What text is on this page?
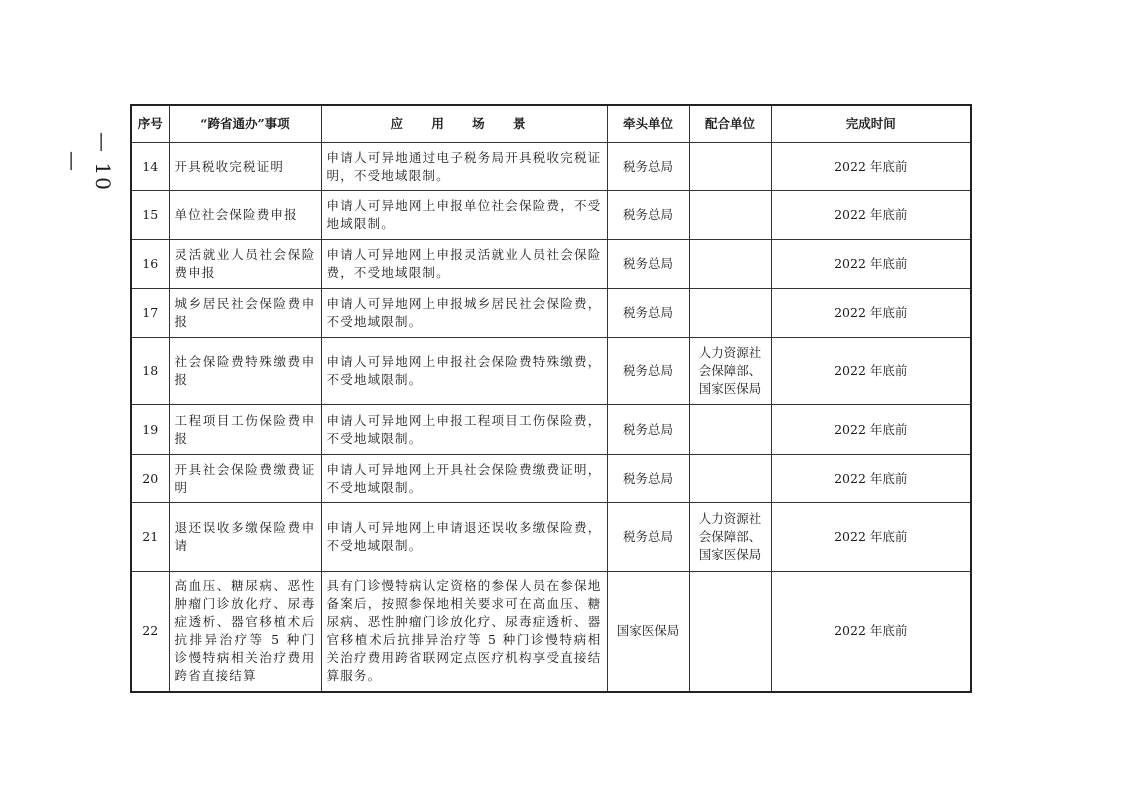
— 10 —
序号	“跨省通办”事项	应 用 场 景	牵头单位	配合单位	完成时间
14	开具税收完税证明	申请人可异地通过电子税务局开具税收完税证明，不受地域限制。	税务总局		2022 年底前
15	单位社会保险费申报	申请人可异地网上申报单位社会保险费，不受地域限制。	税务总局		2022 年底前
16	灵活就业人员社会保险费申报	申请人可异地网上申报灵活就业人员社会保险费，不受地域限制。	税务总局		2022 年底前
17	城乡居民社会保险费申报	申请人可异地网上申报城乡居民社会保险费，不受地域限制。	税务总局		2022 年底前
18	社会保险费特殊缴费申报	申请人可异地网上申报社会保险费特殊缴费，不受地域限制。	税务总局	人力资源社会保障部、国家医保局	2022 年底前
19	工程项目工伤保险费申报	申请人可异地网上申报工程项目工伤保险费，不受地域限制。	税务总局		2022 年底前
20	开具社会保险费缴费证明	申请人可异地网上开具社会保险费缴费证明，不受地域限制。	税务总局		2022 年底前
21	退还误收多缴保险费申请	申请人可异地网上申请退还误收多缴保险费，不受地域限制。	税务总局	人力资源社会保障部、国家医保局	2022 年底前
22	高血压、糖尿病、恶性肿瘤门诊放化疗、尿毒症透析、器官移植术后抗排异治疗等 5 种门诊慢特病相关治疗费用跨省直接结算	具有门诊慢特病认定资格的参保人员在参保地备案后，按照参保地相关要求可在高血压、糖尿病、恶性肿瘤门诊放化疗、尿毒症透析、器官移植术后抗排异治疗等 5 种门诊慢特病相关治疗费用跨省联网定点医疗机构享受直接结算服务。	国家医保局		2022 年底前
